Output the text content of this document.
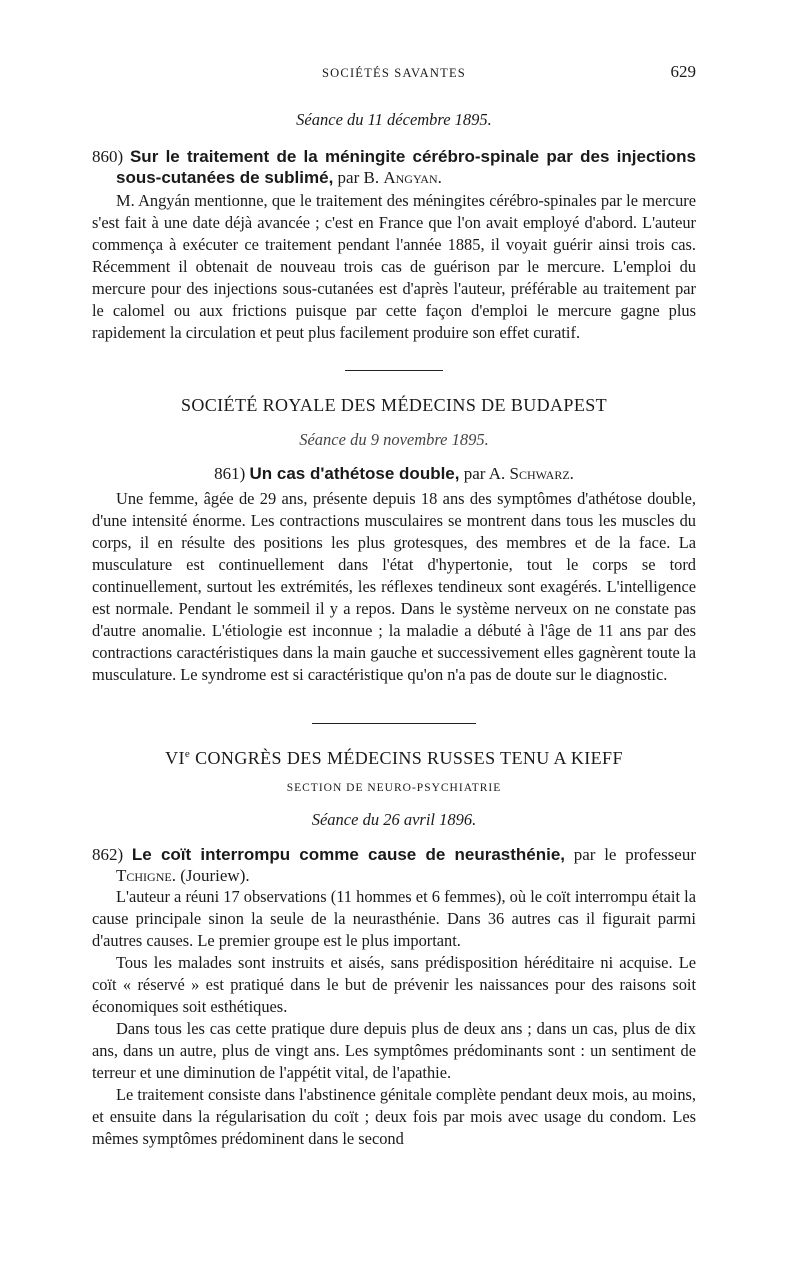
SOCIÉTÉS SAVANTES	629
Séance du 11 décembre 1895.
860) Sur le traitement de la méningite cérébro-spinale par des injections sous-cutanées de sublimé, par B. Angyan.

M. Angyán mentionne, que le traitement des méningites cérébro-spinales par le mercure s'est fait à une date déjà avancée ; c'est en France que l'on avait employé d'abord. L'auteur commença à exécuter ce traitement pendant l'année 1885, il voyait guérir ainsi trois cas. Récemment il obtenait de nouveau trois cas de guérison par le mercure. L'emploi du mercure pour des injections sous-cutanées est d'après l'auteur, préférable au traitement par le calomel ou aux frictions puisque par cette façon d'emploi le mercure gagne plus rapidement la circulation et peut plus facilement produire son effet curatif.

SOCIÉTÉ ROYALE DES MÉDECINS DE BUDAPEST
Séance du 9 novembre 1895.
861) Un cas d'athétose double, par A. Schwarz.

Une femme, âgée de 29 ans, présente depuis 18 ans des symptômes d'athétose double, d'une intensité énorme. Les contractions musculaires se montrent dans tous les muscles du corps, il en résulte des positions les plus grotesques, des membres et de la face. La musculature est continuellement dans l'état d'hypertonie, tout le corps se tord continuellement, surtout les extrémités, les réflexes tendineux sont exagérés. L'intelligence est normale. Pendant le sommeil il y a repos. Dans le système nerveux on ne constate pas d'autre anomalie. L'étiologie est inconnue ; la maladie a débuté à l'âge de 11 ans par des contractions caractéristiques dans la main gauche et successivement elles gagnèrent toute la musculature. Le syndrome est si caractéristique qu'on n'a pas de doute sur le diagnostic.

VIe CONGRÈS DES MÉDECINS RUSSES TENU A KIEFF
SECTION DE NEURO-PSYCHIATRIE
Séance du 26 avril 1896.
862) Le coït interrompu comme cause de neurasthénie, par le professeur Tchigne. (Jouriew).

L'auteur a réuni 17 observations (11 hommes et 6 femmes), où le coït interrompu était la cause principale sinon la seule de la neurasthénie. Dans 36 autres cas il figurait parmi d'autres causes. Le premier groupe est le plus important.

Tous les malades sont instruits et aisés, sans prédisposition héréditaire ni acquise. Le coït « réservé » est pratiqué dans le but de prévenir les naissances pour des raisons soit économiques soit esthétiques.

Dans tous les cas cette pratique dure depuis plus de deux ans ; dans un cas, plus de dix ans, dans un autre, plus de vingt ans. Les symptômes prédominants sont : un sentiment de terreur et une diminution de l'appétit vital, de l'apathie.

Le traitement consiste dans l'abstinence génitale complète pendant deux mois, au moins, et ensuite dans la régularisation du coït ; deux fois par mois avec usage du condom. Les mêmes symptômes prédominent dans le second
